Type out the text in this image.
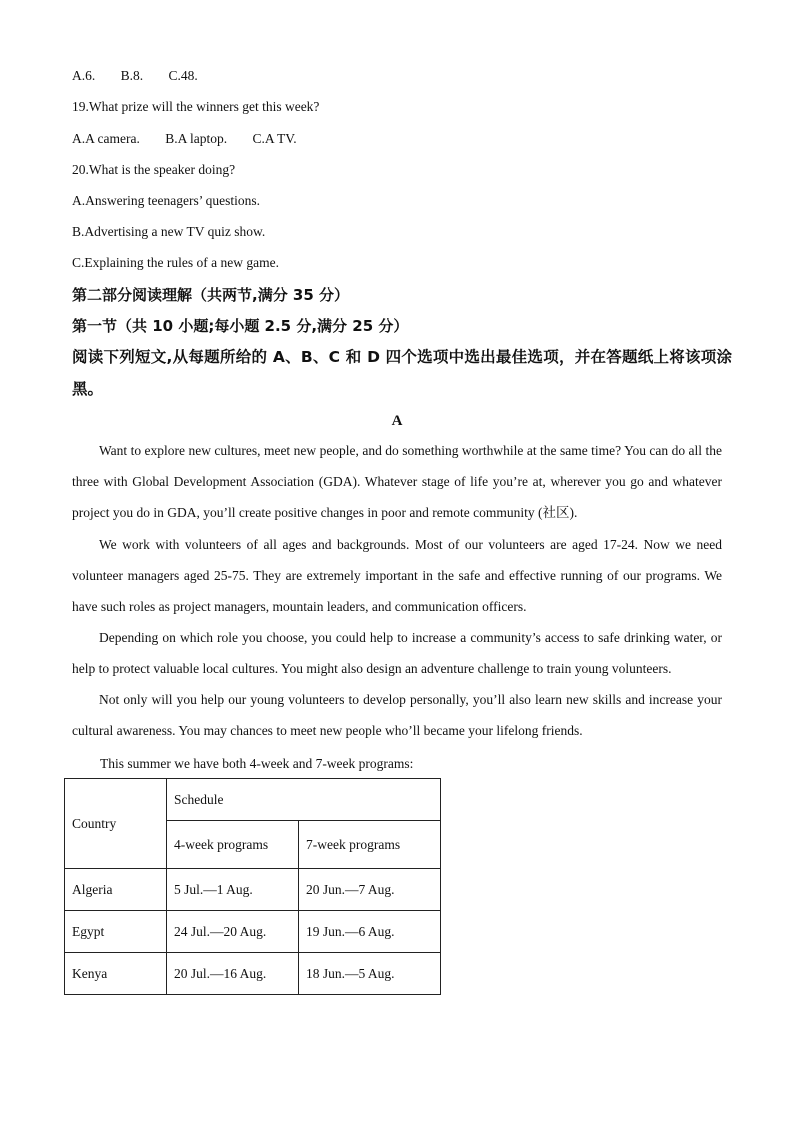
A.6. B.8. C.48.
19.What prize will the winners get this week?
A.A camera. B.A laptop. C.A TV.
20.What is the speaker doing?
A.Answering teenagers’ questions.
B.Advertising a new TV quiz show.
C.Explaining the rules of a new game.
第二部分阅读理解（共两节,满分 35 分）
第一节（共 10 小题;每小题 2.5 分,满分 25 分）
阅读下列短文,从每题所给的 A、B、C 和 D 四个选项中选出最佳选项，并在答题纸上将该项涂黑。
A

Want to explore new cultures, meet new people, and do something worthwhile at the same time? You can do all the three with Global Development Association (GDA). Whatever stage of life you’re at, wherever you go and whatever project you do in GDA, you’ll create positive changes in poor and remote community (社区).

We work with volunteers of all ages and backgrounds. Most of our volunteers are aged 17-24. Now we need volunteer managers aged 25-75. They are extremely important in the safe and effective running of our programs. We have such roles as project managers, mountain leaders, and communication officers.

Depending on which role you choose, you could help to increase a community’s access to safe drinking water, or help to protect valuable local cultures. You might also design an adventure challenge to train young volunteers.

Not only will you help our young volunteers to develop personally, you’ll also learn new skills and increase your cultural awareness. You may chances to meet new people who’ll became your lifelong friends.

This summer we have both 4-week and 7-week programs:
Country	Schedule	
	4-week programs	7-week programs
Algeria	5 Jul.—1 Aug.	20 Jun.—7 Aug.
Egypt	24 Jul.—20 Aug.	19 Jun.—6 Aug.
Kenya	20 Jul.—16 Aug.	18 Jun.—5 Aug.
